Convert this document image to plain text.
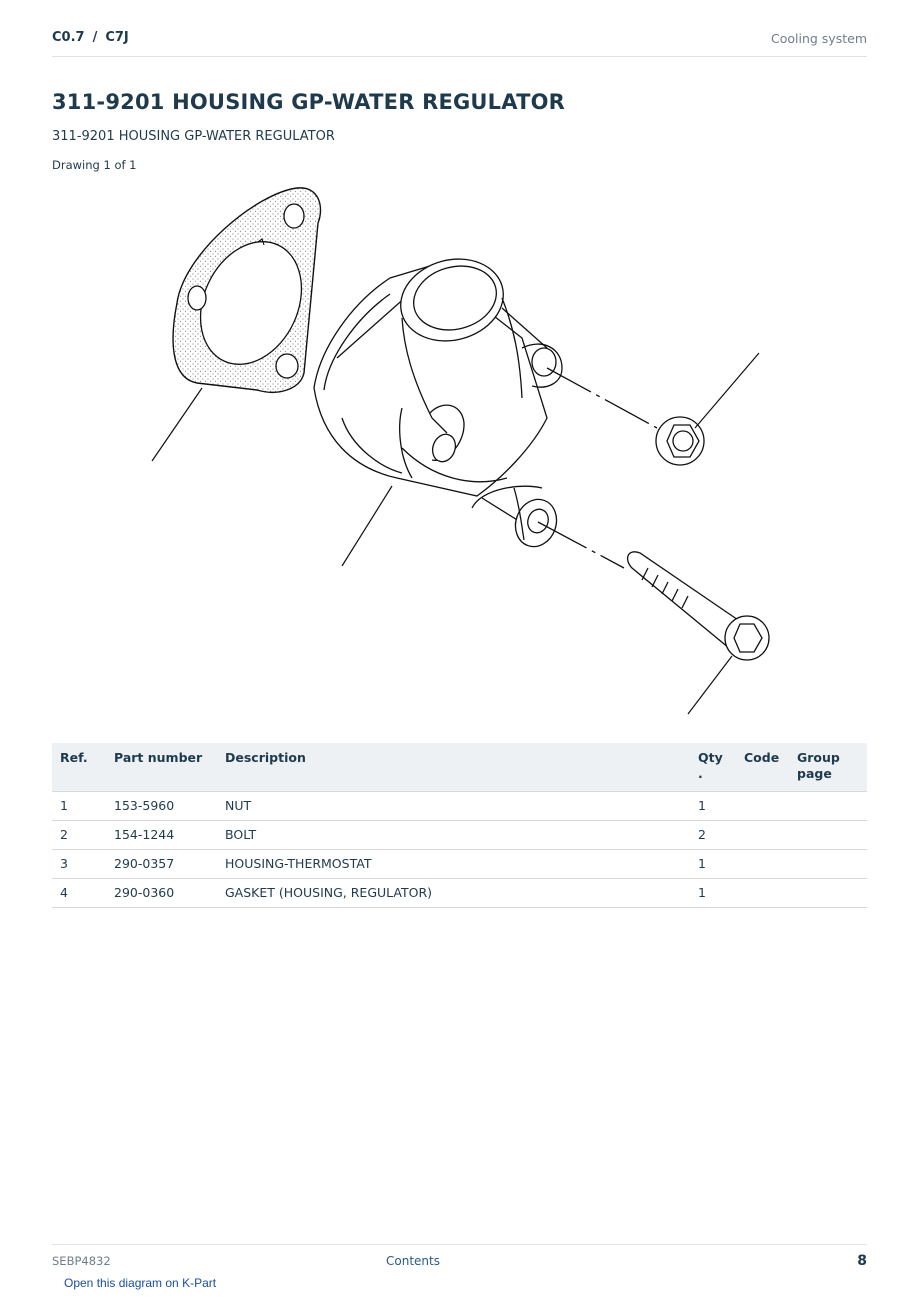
C0.7 / C7J	Cooling system
311-9201 HOUSING GP-WATER REGULATOR
311-9201 HOUSING GP-WATER REGULATOR
Drawing 1 of 1
Ref.	Part number	Description	Qty .	Code	Group page
1	153-5960	NUT	1		
2	154-1244	BOLT	2		
3	290-0357	HOUSING-THERMOSTAT	1		
4	290-0360	GASKET (HOUSING, REGULATOR)	1		
SEBP4832	Contents	8
Open this diagram on K-Part
